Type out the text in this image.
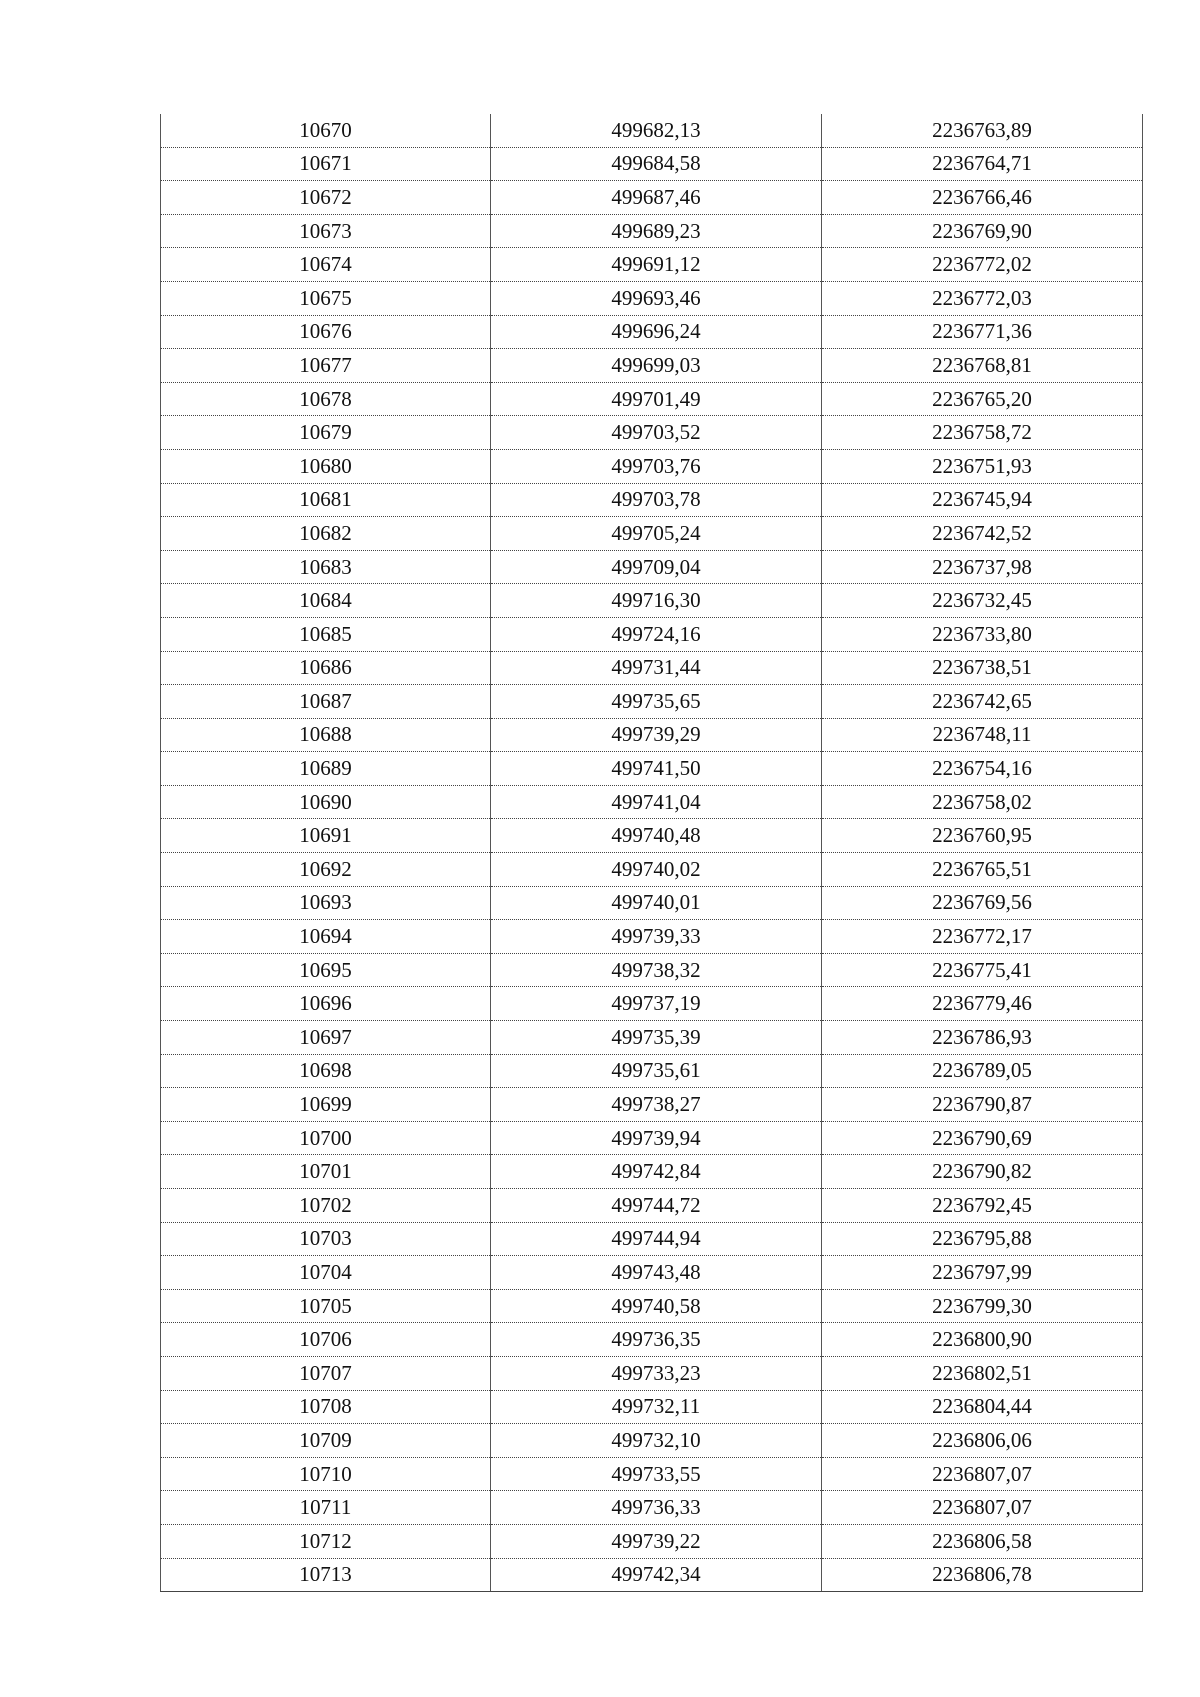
10670	499682,13	2236763,89
10671	499684,58	2236764,71
10672	499687,46	2236766,46
10673	499689,23	2236769,90
10674	499691,12	2236772,02
10675	499693,46	2236772,03
10676	499696,24	2236771,36
10677	499699,03	2236768,81
10678	499701,49	2236765,20
10679	499703,52	2236758,72
10680	499703,76	2236751,93
10681	499703,78	2236745,94
10682	499705,24	2236742,52
10683	499709,04	2236737,98
10684	499716,30	2236732,45
10685	499724,16	2236733,80
10686	499731,44	2236738,51
10687	499735,65	2236742,65
10688	499739,29	2236748,11
10689	499741,50	2236754,16
10690	499741,04	2236758,02
10691	499740,48	2236760,95
10692	499740,02	2236765,51
10693	499740,01	2236769,56
10694	499739,33	2236772,17
10695	499738,32	2236775,41
10696	499737,19	2236779,46
10697	499735,39	2236786,93
10698	499735,61	2236789,05
10699	499738,27	2236790,87
10700	499739,94	2236790,69
10701	499742,84	2236790,82
10702	499744,72	2236792,45
10703	499744,94	2236795,88
10704	499743,48	2236797,99
10705	499740,58	2236799,30
10706	499736,35	2236800,90
10707	499733,23	2236802,51
10708	499732,11	2236804,44
10709	499732,10	2236806,06
10710	499733,55	2236807,07
10711	499736,33	2236807,07
10712	499739,22	2236806,58
10713	499742,34	2236806,78
